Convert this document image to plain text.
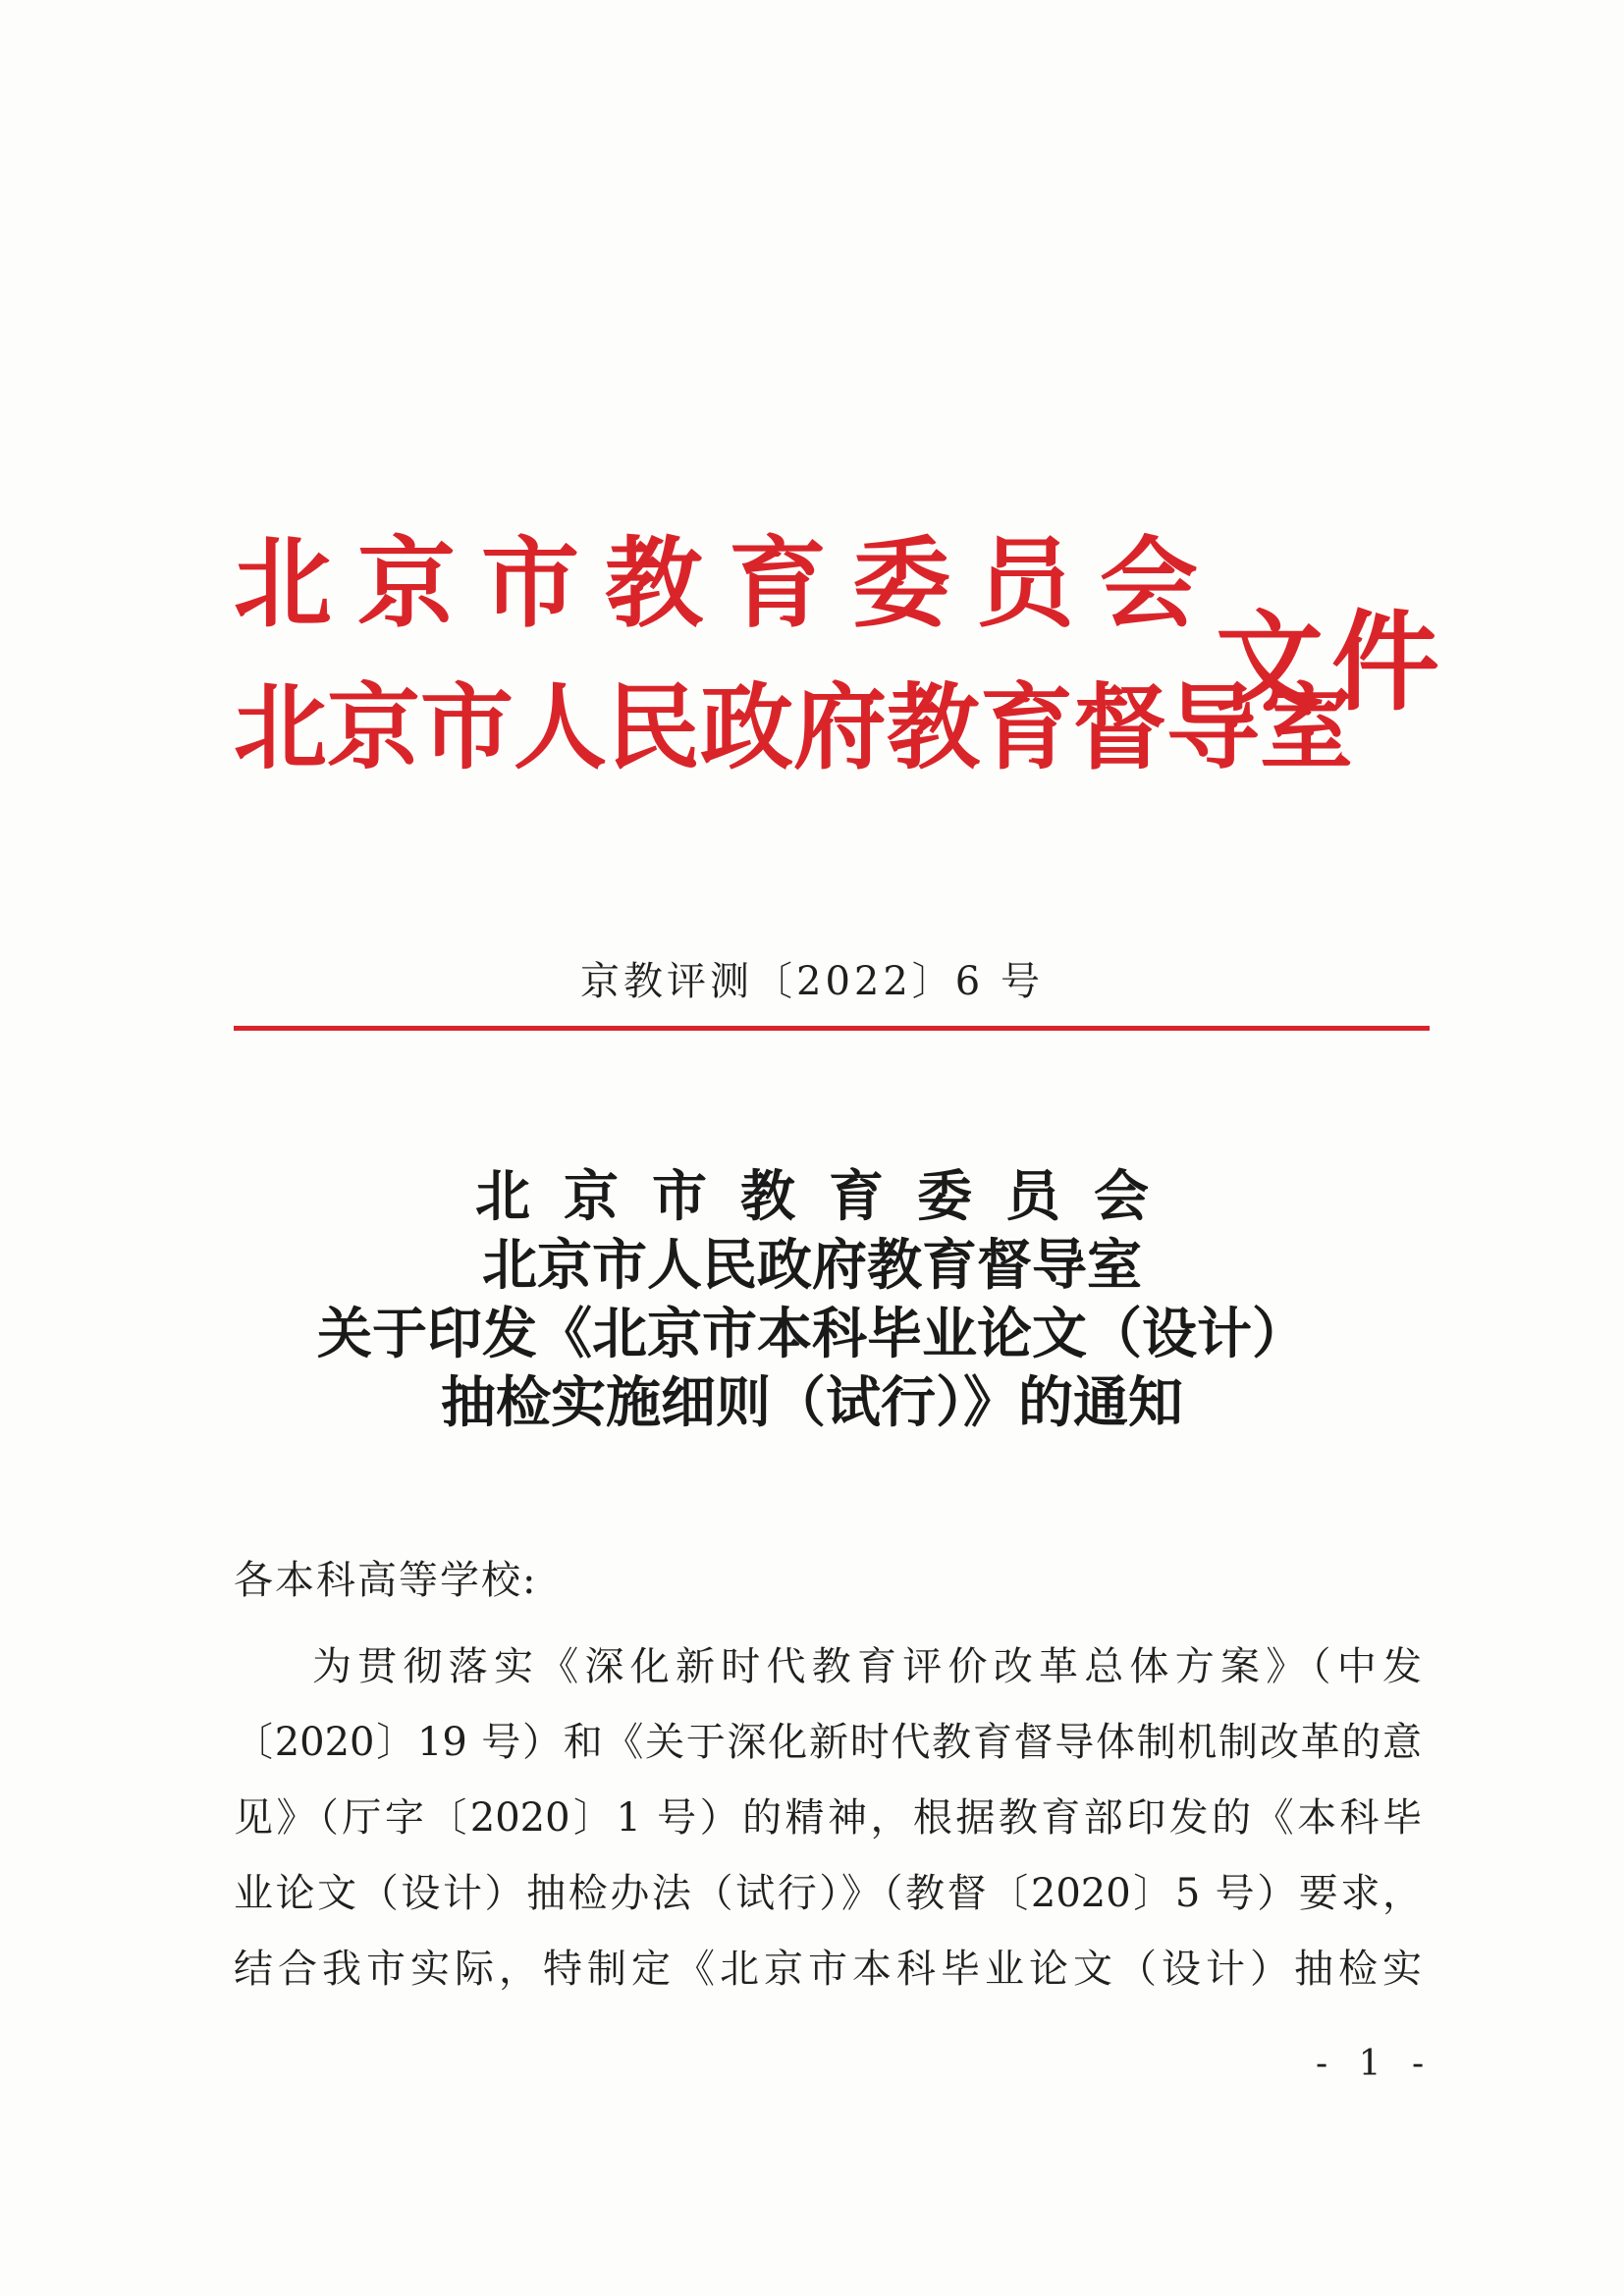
北京市教育委员会
北京市人民政府教育督导室
文件
京教评测〔2022〕6 号
北京市教育委员会
北京市人民政府教育督导室
关于印发《北京市本科毕业论文（设计）
抽检实施细则（试行）》的通知
各本科高等学校:
为贯彻落实《深化新时代教育评价改革总体方案》（中发
〔2020〕19 号）和《关于深化新时代教育督导体制机制改革的意
见》（厅字〔2020〕1 号）的精神，根据教育部印发的《本科毕
业论文（设计）抽检办法（试行）》（教督〔2020〕5 号）要求，
结合我市实际，特制定《北京市本科毕业论文（设计）抽检实
- 1 -
